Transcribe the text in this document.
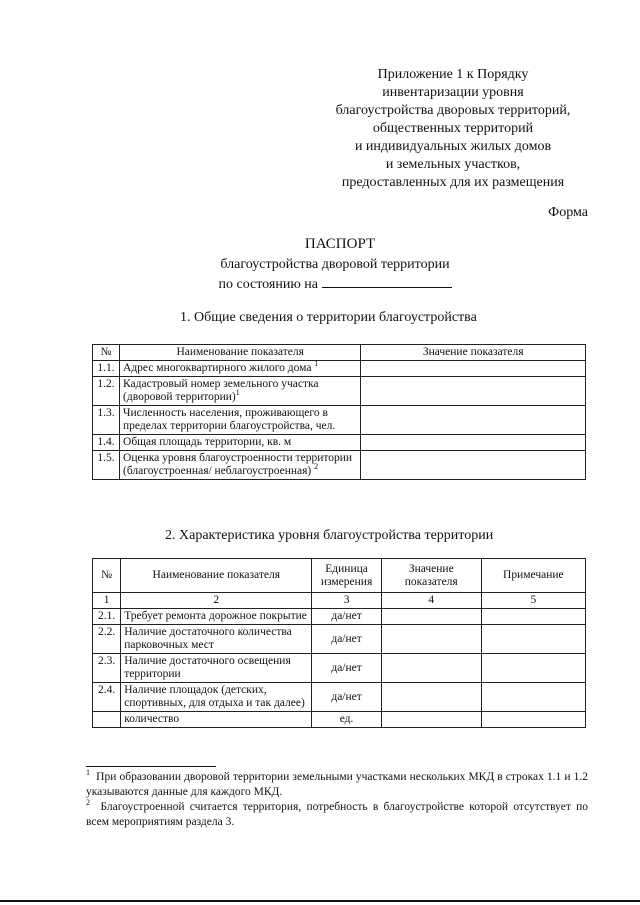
Приложение 1 к Порядку
инвентаризации уровня
благоустройства дворовых территорий,
общественных территорий
и индивидуальных жилых домов
и земельных участков,
предоставленных для их размещения
Форма
ПАСПОРТ
благоустройства дворовой территории
по состоянию на
1. Общие сведения о территории благоустройства
№	Наименование показателя	Значение показателя
1.1.	Адрес многоквартирного жилого дома $^1$	
1.2.	Кадастровый номер земельного участка (дворовой территории)$^1$	
1.3.	Численность населения, проживающего в пределах территории благоустройства, чел.	
1.4.	Общая площадь территории, кв. м	
1.5.	Оценка уровня благоустроенности территории (благоустроенная/ неблагоустроенная) $^2$	
2. Характеристика уровня благоустройства территории
№	Наименование показателя	Единица измерения	Значение показателя	Примечание
1	2	3	4	5
2.1.	Требует ремонта дорожное покрытие	да/нет		
2.2.	Наличие достаточного количества парковочных мест	да/нет		
2.3.	Наличие достаточного освещения территории	да/нет		
2.4.	Наличие площадок (детских, спортивных, для отдыха и так далее)	да/нет		
	количество	ед.		

$^1$ При образовании дворовой территории земельными участками нескольких МКД в строках 1.1 и 1.2 указываются данные для каждого МКД.

$^2$ Благоустроенной считается территория, потребность в благоустройстве которой отсутствует по всем мероприятиям раздела 3.
